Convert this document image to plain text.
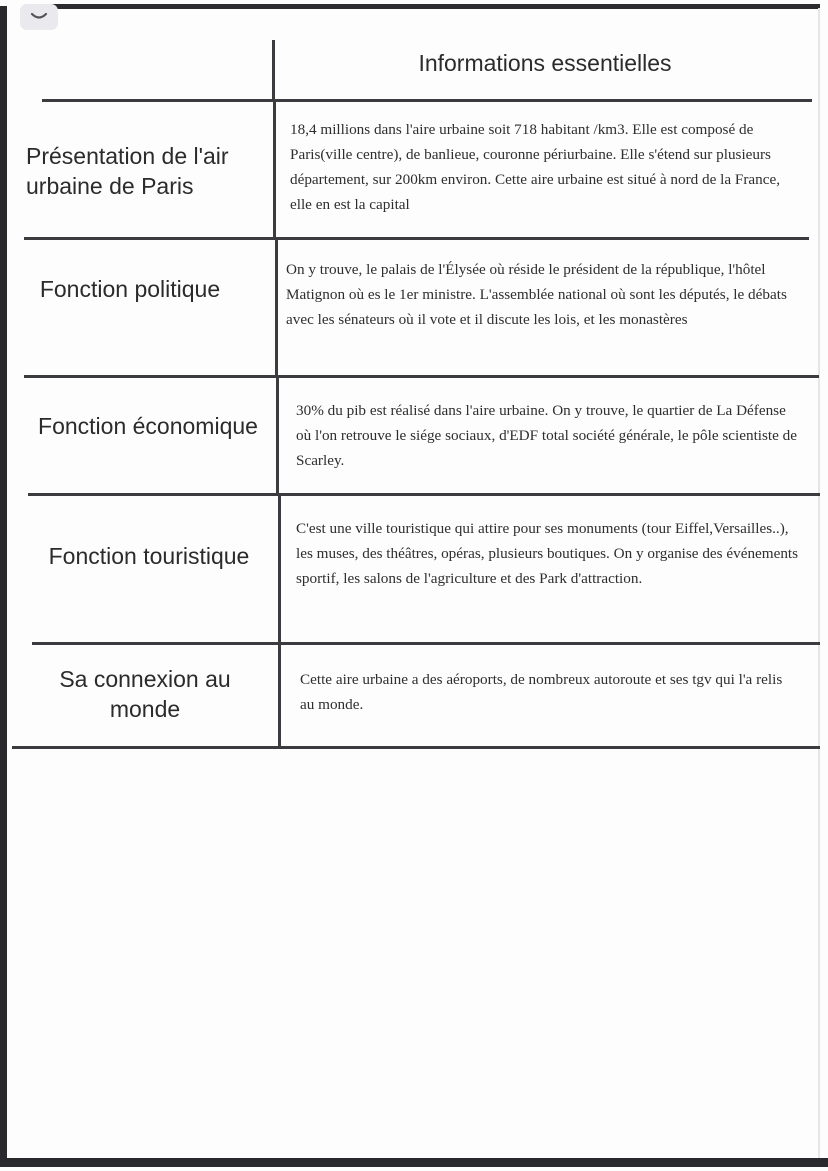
Informations essentielles
Présentation de l'air urbaine de Paris
Fonction politique
Fonction économique
Fonction touristique
Sa connexion au monde
18,4 millions dans l'aire urbaine soit 718 habitant /km3. Elle est composé de Paris(ville centre), de banlieue, couronne périurbaine. Elle s'étend sur plusieurs département, sur 200km environ. Cette aire urbaine est situé à nord de la France, elle en est la capital
On y trouve, le palais de l'Élysée où réside le président de la république, l'hôtel Matignon où es le 1er ministre. L'assemblée national où sont les députés, le débats avec les sénateurs où il vote et il discute les lois, et les monastères
30% du pib est réalisé dans l'aire urbaine. On y trouve, le quartier de La Défense où l'on retrouve le siége sociaux, d'EDF total société générale, le pôle scientiste de Scarley.
C'est une ville touristique qui attire pour ses monuments (tour Eiffel,Versailles..), les muses, des théâtres, opéras, plusieurs boutiques. On y organise des événements sportif, les salons de l'agriculture et des Park d'attraction.
Cette aire urbaine a des aéroports, de nombreux autoroute et ses tgv qui l'a relis au monde.
